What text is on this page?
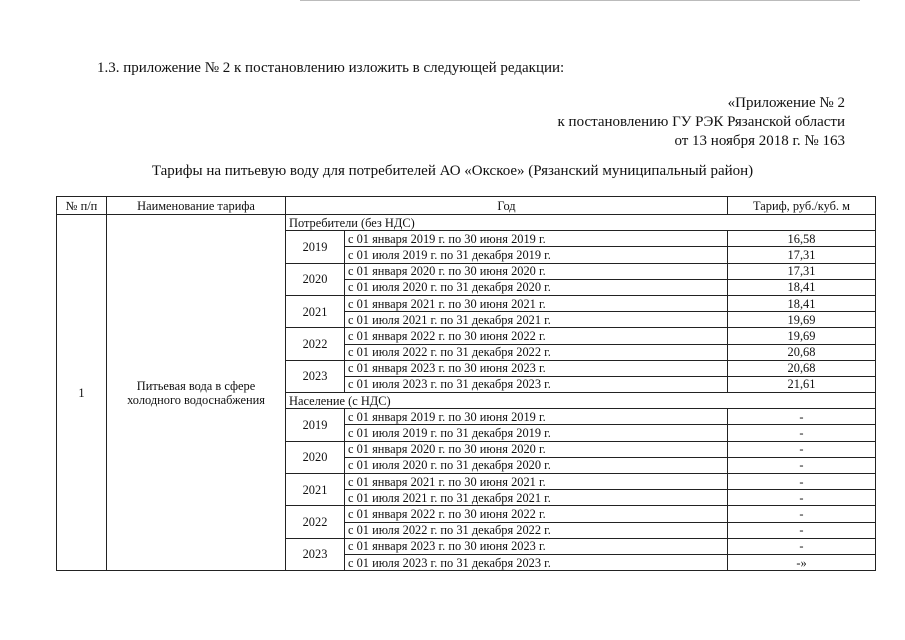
1.3. приложение № 2 к постановлению изложить в следующей редакции:
«Приложение № 2
к постановлению ГУ РЭК Рязанской области
от 13 ноября 2018 г. № 163
Тарифы на питьевую воду для потребителей АО «Окское» (Рязанский муниципальный район)
№ п/п	Наименование тарифа	Год		Тариф, руб./куб. м
1	Питьевая вода в сфере холодного водоснабжения	Потребители (без НДС)		
		2019	с 01 января 2019 г. по 30 июня 2019 г.	16,58
			с 01 июля 2019 г. по 31 декабря 2019 г.	17,31
		2020	с 01 января 2020 г. по 30 июня 2020 г.	17,31
			с 01 июля 2020 г. по 31 декабря 2020 г.	18,41
		2021	с 01 января 2021 г. по 30 июня 2021 г.	18,41
			с 01 июля 2021 г. по 31 декабря 2021 г.	19,69
		2022	с 01 января 2022 г. по 30 июня 2022 г.	19,69
			с 01 июля 2022 г. по 31 декабря 2022 г.	20,68
		2023	с 01 января 2023 г. по 30 июня 2023 г.	20,68
			с 01 июля 2023 г. по 31 декабря 2023 г.	21,61
		Население (с НДС)		
		2019	с 01 января 2019 г. по 30 июня 2019 г.	-
			с 01 июля 2019 г. по 31 декабря 2019 г.	-
		2020	с 01 января 2020 г. по 30 июня 2020 г.	-
			с 01 июля 2020 г. по 31 декабря 2020 г.	-
		2021	с 01 января 2021 г. по 30 июня 2021 г.	-
			с 01 июля 2021 г. по 31 декабря 2021 г.	-
		2022	с 01 января 2022 г. по 30 июня 2022 г.	-
			с 01 июля 2022 г. по 31 декабря 2022 г.	-
		2023	с 01 января 2023 г. по 30 июня 2023 г.	-
			с 01 июля 2023 г. по 31 декабря 2023 г.	-»
